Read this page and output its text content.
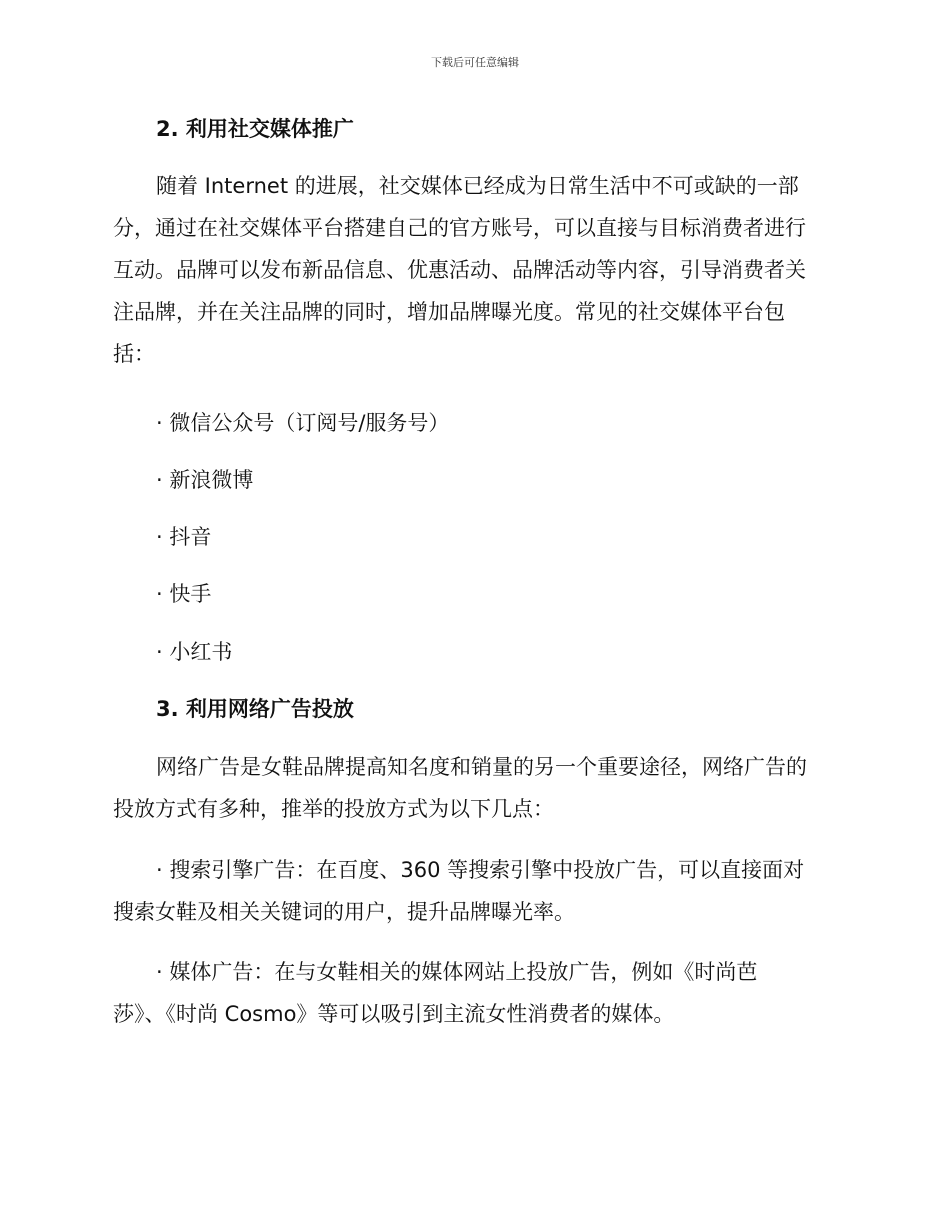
下载后可任意编辑
2. 利用社交媒体推广
随着 Internet 的进展，社交媒体已经成为日常生活中不可或缺的一部
分，通过在社交媒体平台搭建自己的官方账号，可以直接与目标消费者进行
互动。品牌可以发布新品信息、优惠活动、品牌活动等内容，引导消费者关
注品牌，并在关注品牌的同时，增加品牌曝光度。常见的社交媒体平台包
括：
· 微信公众号（订阅号/服务号）
· 新浪微博
· 抖音
· 快手
· 小红书
3. 利用网络广告投放
网络广告是女鞋品牌提高知名度和销量的另一个重要途径，网络广告的
投放方式有多种，推举的投放方式为以下几点：
· 搜索引擎广告：在百度、360 等搜索引擎中投放广告，可以直接面对
搜索女鞋及相关关键词的用户，提升品牌曝光率。
· 媒体广告：在与女鞋相关的媒体网站上投放广告，例如《时尚芭
莎》、《时尚 Cosmo》等可以吸引到主流女性消费者的媒体。
